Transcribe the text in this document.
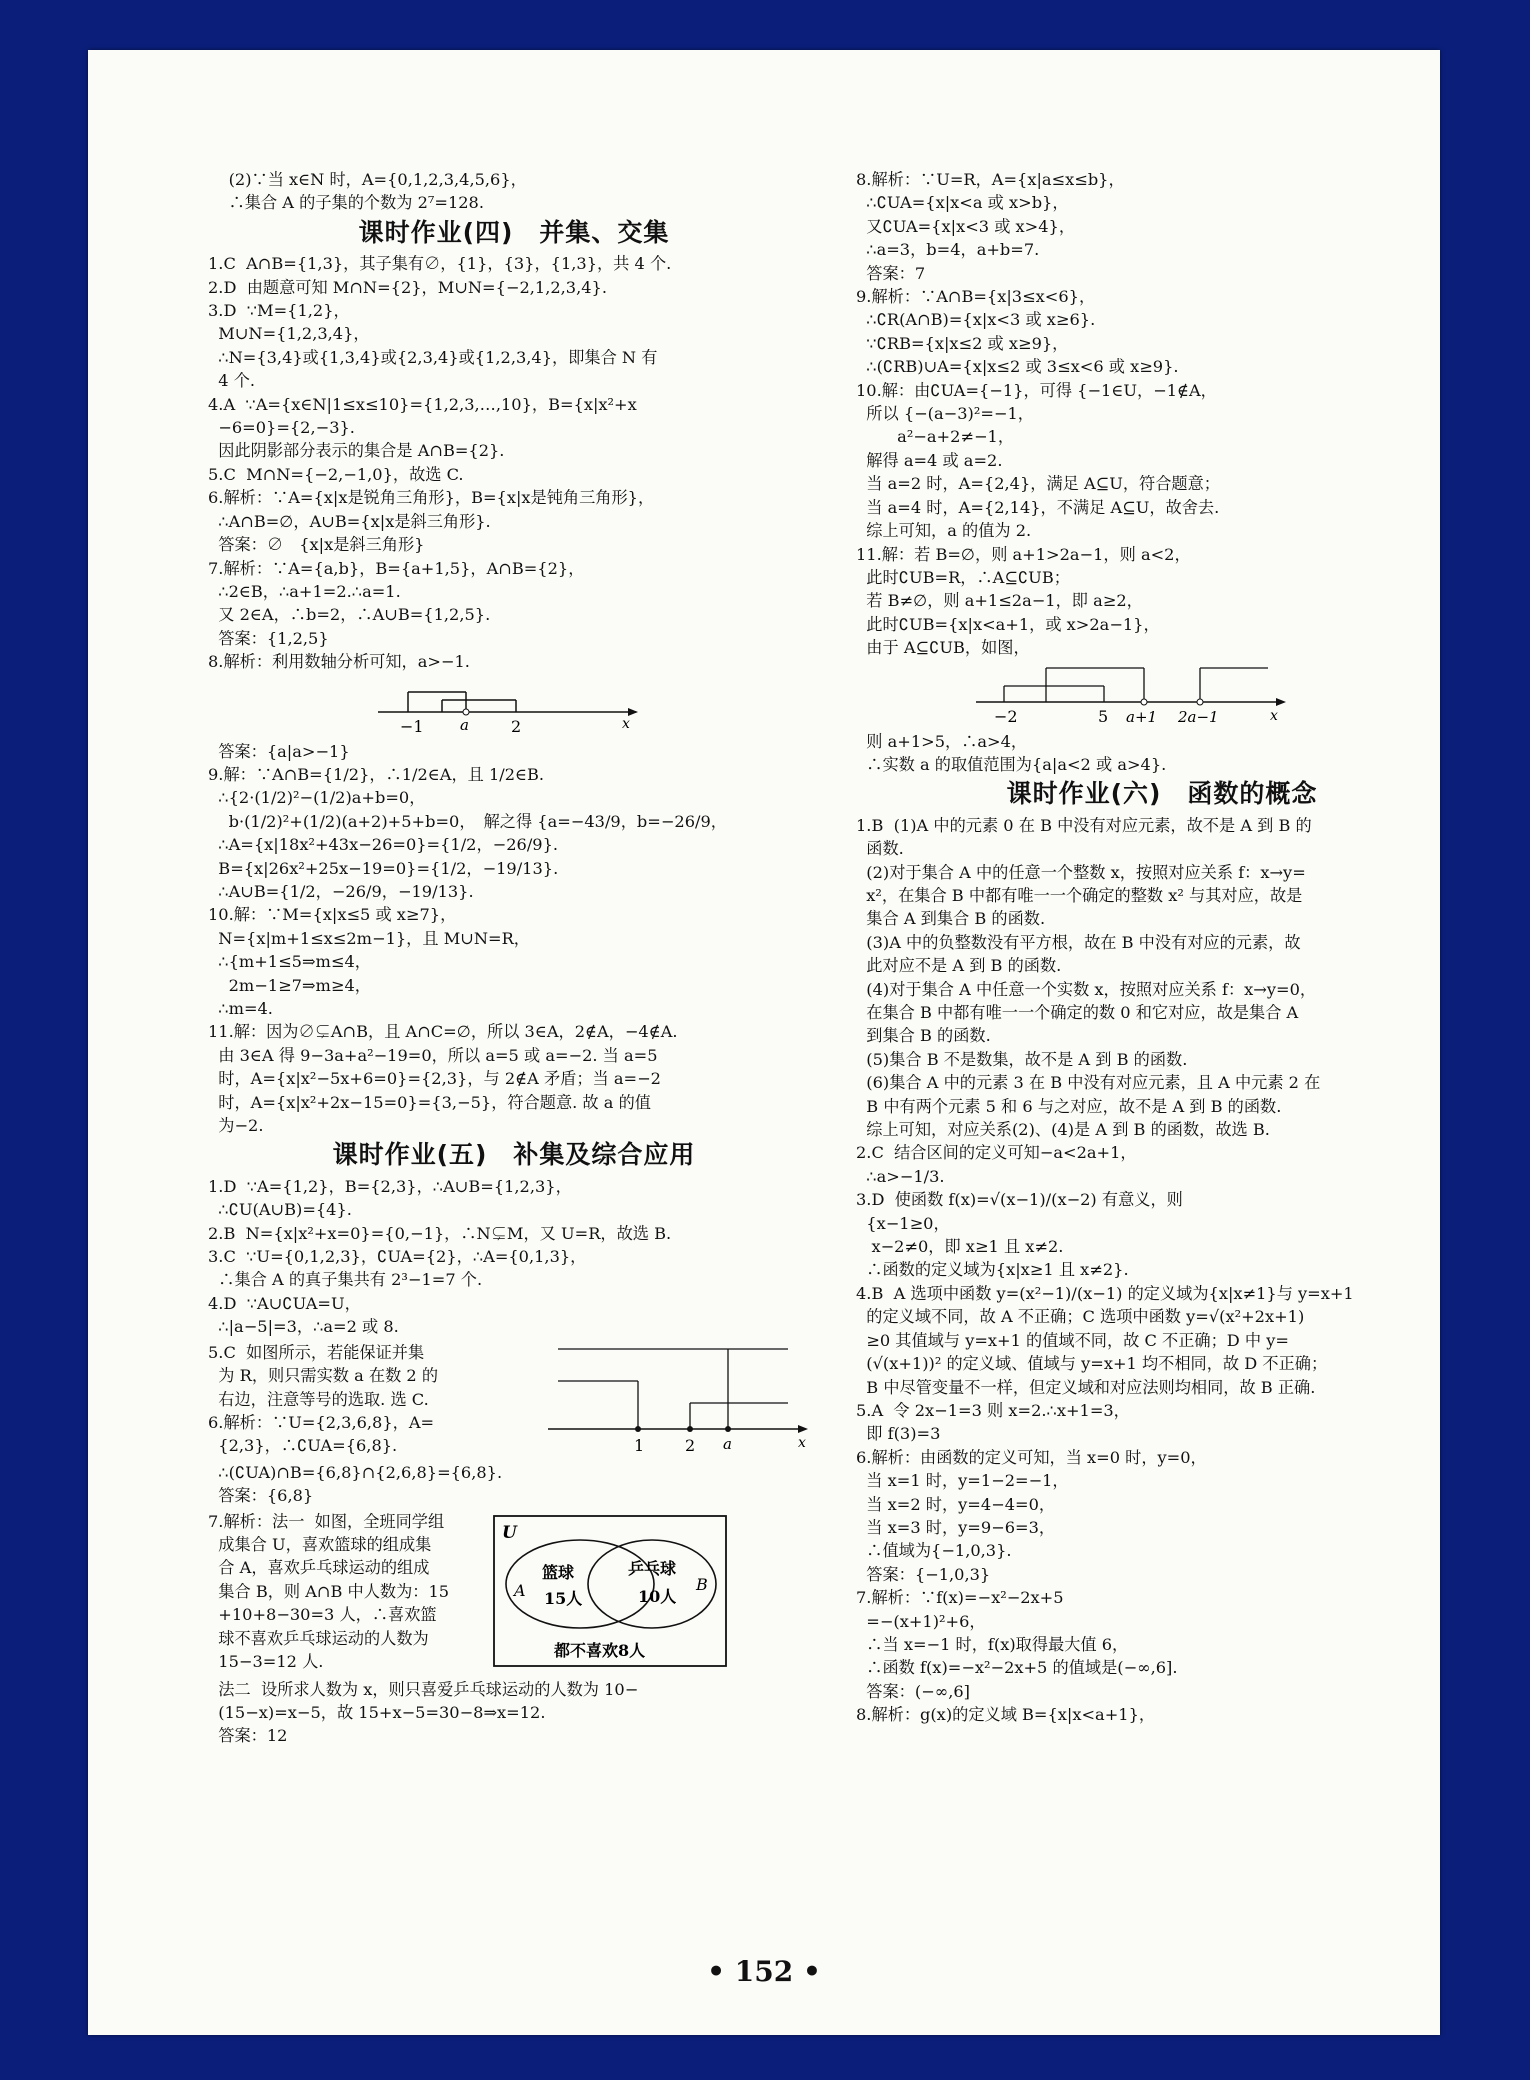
(2)∵当 x∈N 时，A={0,1,2,3,4,5,6}，
∴集合 A 的子集的个数为 2⁷=128.
课时作业(四)　并集、交集
1.C  A∩B={1,3}，其子集有∅，{1}，{3}，{1,3}，共 4 个.
2.D  由题意可知 M∩N={2}，M∪N={−2,1,2,3,4}.
3.D  ∵M={1,2}，
M∪N={1,2,3,4}，
∴N={3,4}或{1,3,4}或{2,3,4}或{1,2,3,4}，即集合 N 有
4 个.
4.A  ∵A={x∈N|1≤x≤10}={1,2,3,…,10}，B={x|x²+x
−6=0}={2,−3}.
因此阴影部分表示的集合是 A∩B={2}.
5.C  M∩N={−2,−1,0}，故选 C.
6.解析：∵A={x|x是锐角三角形}，B={x|x是钝角三角形}，
∴A∩B=∅，A∪B={x|x是斜三角形}.
答案：∅　{x|x是斜三角形}
7.解析：∵A={a,b}，B={a+1,5}，A∩B={2}，
∴2∈B，∴a+1=2.∴a=1.
又 2∈A，∴b=2，∴A∪B={1,2,5}.
答案：{1,2,5}
8.解析：利用数轴分析可知，a>−1.
−1 a	2	x
答案：{a|a>−1}
9.解：∵A∩B={1/2}，∴1/2∈A，且 1/2∈B.
∴{2·(1/2)²−(1/2)a+b=0，
b·(1/2)²+(1/2)(a+2)+5+b=0，　解之得 {a=−43/9，b=−26/9，
∴A={x|18x²+43x−26=0}={1/2，−26/9}.
B={x|26x²+25x−19=0}={1/2，−19/13}.
∴A∪B={1/2，−26/9，−19/13}.
10.解：∵M={x|x≤5 或 x≥7}，
N={x|m+1≤x≤2m−1}，且 M∪N=R，
∴{m+1≤5⇒m≤4，
2m−1≥7⇒m≥4，
∴m=4.
11.解：因为∅⊊A∩B，且 A∩C=∅，所以 3∈A，2∉A，−4∉A.
由 3∈A 得 9−3a+a²−19=0，所以 a=5 或 a=−2. 当 a=5
时，A={x|x²−5x+6=0}={2,3}，与 2∉A 矛盾；当 a=−2
时，A={x|x²+2x−15=0}={3,−5}，符合题意. 故 a 的值
为−2.
课时作业(五)　补集及综合应用
1.D  ∵A={1,2}，B={2,3}，∴A∪B={1,2,3}，
∴∁U(A∪B)={4}.
2.B  N={x|x²+x=0}={0,−1}，∴N⊊M，又 U=R，故选 B.
3.C  ∵U={0,1,2,3}，∁UA={2}，∴A={0,1,3}，
∴集合 A 的真子集共有 2³−1=7 个.
4.D  ∵A∪∁UA=U，
∴|a−5|=3，∴a=2 或 8.
5.C  如图所示，若能保证并集
为 R，则只需实数 a 在数 2 的
右边，注意等号的选取. 选 C.
6.解析：∵U={2,3,6,8}，A=
{2,3}，∴∁UA={6,8}.	1	2 a	x
∴(∁UA)∩B={6,8}∩{2,6,8}={6,8}.
答案：{6,8}
7.解析：法一  如图，全班同学组
成集合 U，喜欢篮球的组成集
合 A，喜欢乒乓球运动的组成
集合 B，则 A∩B 中人数为：15
+10+8−30=3 人，∴喜欢篮
球不喜欢乒乓球运动的人数为
15−3=12 人.
U
A	B
篮球
15人
乒乓球
10人
都不喜欢8人
法二  设所求人数为 x，则只喜爱乒乓球运动的人数为 10−
(15−x)=x−5，故 15+x−5=30−8⇒x=12.
答案：12
8.解析：∵U=R，A={x|a≤x≤b}，
∴∁UA={x|x<a 或 x>b}，
又∁UA={x|x<3 或 x>4}，
∴a=3，b=4，a+b=7.
答案：7
9.解析：∵A∩B={x|3≤x<6}，
∴∁R(A∩B)={x|x<3 或 x≥6}.
∵∁RB={x|x≤2 或 x≥9}，
∴(∁RB)∪A={x|x≤2 或 3≤x<6 或 x≥9}.
10.解：由∁UA={−1}，可得 {−1∈U，−1∉A，
所以 {−(a−3)²=−1，
a²−a+2≠−1，
解得 a=4 或 a=2.
当 a=2 时，A={2,4}，满足 A⊆U，符合题意；
当 a=4 时，A={2,14}，不满足 A⊆U，故舍去.
综上可知，a 的值为 2.
11.解：若 B=∅，则 a+1>2a−1，则 a<2，
此时∁UB=R，∴A⊆∁UB；
若 B≠∅，则 a+1≤2a−1，即 a≥2，
此时∁UB={x|x<a+1，或 x>2a−1}，
由于 A⊆∁UB，如图，
−2	5 a+1 2a−1	x
则 a+1>5，∴a>4，
∴实数 a 的取值范围为{a|a<2 或 a>4}.
课时作业(六)　函数的概念
1.B  (1)A 中的元素 0 在 B 中没有对应元素，故不是 A 到 B 的
函数.
(2)对于集合 A 中的任意一个整数 x，按照对应关系 f：x→y=
x²，在集合 B 中都有唯一一个确定的整数 x² 与其对应，故是
集合 A 到集合 B 的函数.
(3)A 中的负整数没有平方根，故在 B 中没有对应的元素，故
此对应不是 A 到 B 的函数.
(4)对于集合 A 中任意一个实数 x，按照对应关系 f：x→y=0，
在集合 B 中都有唯一一个确定的数 0 和它对应，故是集合 A
到集合 B 的函数.
(5)集合 B 不是数集，故不是 A 到 B 的函数.
(6)集合 A 中的元素 3 在 B 中没有对应元素，且 A 中元素 2 在
B 中有两个元素 5 和 6 与之对应，故不是 A 到 B 的函数.
综上可知，对应关系(2)、(4)是 A 到 B 的函数，故选 B.
2.C  结合区间的定义可知−a<2a+1，
∴a>−1/3.
3.D  使函数 f(x)=√(x−1)/(x−2) 有意义，则
{x−1≥0，
x−2≠0，即 x≥1 且 x≠2.
∴函数的定义域为{x|x≥1 且 x≠2}.
4.B  A 选项中函数 y=(x²−1)/(x−1) 的定义域为{x|x≠1}与 y=x+1
的定义域不同，故 A 不正确；C 选项中函数 y=√(x²+2x+1)
≥0 其值域与 y=x+1 的值域不同，故 C 不正确；D 中 y=
(√(x+1))² 的定义域、值域与 y=x+1 均不相同，故 D 不正确；
B 中尽管变量不一样，但定义域和对应法则均相同，故 B 正确.
5.A  令 2x−1=3 则 x=2.∴x+1=3，
即 f(3)=3
6.解析：由函数的定义可知，当 x=0 时，y=0，
当 x=1 时，y=1−2=−1，
当 x=2 时，y=4−4=0，
当 x=3 时，y=9−6=3，
∴值域为{−1,0,3}.
答案：{−1,0,3}
7.解析：∵f(x)=−x²−2x+5
=−(x+1)²+6，
∴当 x=−1 时，f(x)取得最大值 6，
∴函数 f(x)=−x²−2x+5 的值域是(−∞,6].
答案：(−∞,6]
8.解析：g(x)的定义域 B={x|x<a+1}，
• 152 •
